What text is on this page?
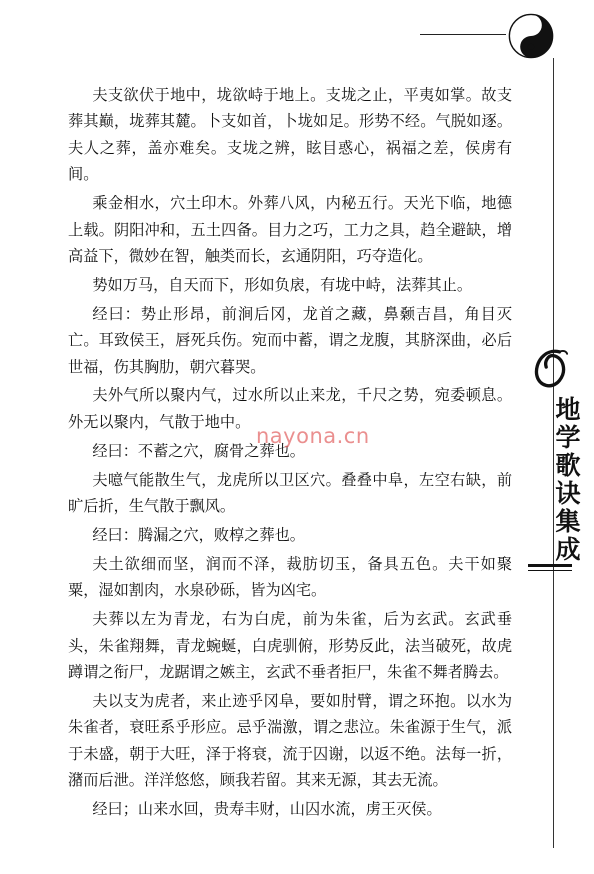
地学歌诀集成

夫支欲伏于地中，垅欲峙于地上。支垅之止，平夷如掌。故支葬其巅，垅葬其麓。卜支如首，卜垅如足。形势不经。气脱如逐。夫人之葬，盖亦难矣。支垅之辨，眩目惑心，祸福之差，侯虏有间。

乘金相水，穴土印木。外葬八风，内秘五行。天光下临，地德上载。阴阳冲和，五土四备。目力之巧，工力之具，趋全避缺，增高益下，微妙在智，触类而长，玄通阴阳，巧夺造化。

势如万马，自天而下，形如负扆，有垅中峙，法葬其止。

经曰：势止形昂，前涧后冈，龙首之藏，鼻颡吉昌，角目灭亡。耳致侯王，唇死兵伤。宛而中蓄，谓之龙腹，其脐深曲，必后世福，伤其胸肋，朝穴暮哭。

夫外气所以聚内气，过水所以止来龙，千尺之势，宛委顿息。外无以聚内，气散于地中。

经曰：不蓄之穴，腐骨之葬也。

夫噫气能散生气，龙虎所以卫区穴。叠叠中阜，左空右缺，前旷后折，生气散于飘风。

经曰：腾漏之穴，败椁之葬也。

夫土欲细而坚，润而不泽，裁肪切玉，备具五色。夫干如聚粟，湿如割肉，水泉砂砾，皆为凶宅。

夫葬以左为青龙，右为白虎，前为朱雀，后为玄武。玄武垂头，朱雀翔舞，青龙蜿蜒，白虎驯俯，形势反此，法当破死，故虎蹲谓之衔尸，龙踞谓之嫉主，玄武不垂者拒尸，朱雀不舞者腾去。

夫以支为虎者，来止迹乎冈阜，要如肘臂，谓之环抱。以水为朱雀者，衰旺系乎形应。忌乎湍激，谓之悲泣。朱雀源于生气，派于未盛，朝于大旺，泽于将衰，流于囚谢，以返不绝。法每一折，潴而后泄。洋洋悠悠，顾我若留。其来无源，其去无流。

经曰；山来水回，贵寿丰财，山囚水流，虏王灭侯。

nayona.cn
